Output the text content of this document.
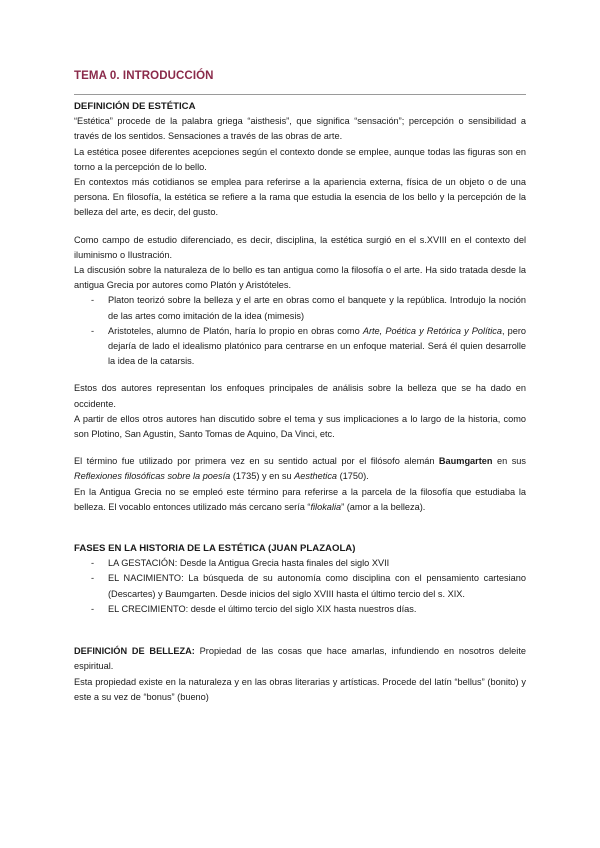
TEMA 0. INTRODUCCIÓN
DEFINICIÓN DE ESTÉTICA

“Estética” procede de la palabra griega “aisthesis”, que significa “sensación”; percepción o sensibilidad a través de los sentidos. Sensaciones a través de las obras de arte.

La estética posee diferentes acepciones según el contexto donde se emplee, aunque todas las figuras son en torno a la percepción de lo bello.

En contextos más cotidianos se emplea para referirse a la apariencia externa, física de un objeto o de una persona. En filosofía, la estética se refiere a la rama que estudia la esencia de los bello y la percepción de la belleza del arte, es decir, del gusto.

Como campo de estudio diferenciado, es decir, disciplina, la estética surgió en el s.XVIII en el contexto del iluminismo o Ilustración.

La discusión sobre la naturaleza de lo bello es tan antigua como la filosofía o el arte. Ha sido tratada desde la antigua Grecia por autores como Platón y Aristóteles.

- Platon teorizó sobre la belleza y el arte en obras como el banquete y la república. Introdujo la noción de las artes como imitación de la idea (mimesis)
- Aristoteles, alumno de Platón, haría lo propio en obras como Arte, Poética y Retórica y Política, pero dejaría de lado el idealismo platónico para centrarse en un enfoque material. Será él quien desarrolle la idea de la catarsis.

Estos dos autores representan los enfoques principales de análisis sobre la belleza que se ha dado en occidente.

A partir de ellos otros autores han discutido sobre el tema y sus implicaciones a lo largo de la historia, como son Plotino, San Agustin, Santo Tomas de Aquino, Da Vinci, etc.

El término fue utilizado por primera vez en su sentido actual por el filósofo alemán Baumgarten en sus Reflexiones filosóficas sobre la poesía (1735) y en su Aesthetica (1750).

En la Antigua Grecia no se empleó este término para referirse a la parcela de la filosofía que estudiaba la belleza. El vocablo entonces utilizado más cercano sería “filokalia” (amor a la belleza).

FASES EN LA HISTORIA DE LA ESTÉTICA (JUAN PLAZAOLA)
- LA GESTACIÓN: Desde la Antigua Grecia hasta finales del siglo XVII
- EL NACIMIENTO: La búsqueda de su autonomía como disciplina con el pensamiento cartesiano (Descartes) y Baumgarten. Desde inicios del siglo XVIII hasta el último tercio del s. XIX.
- EL CRECIMIENTO: desde el último tercio del siglo XIX hasta nuestros días.

DEFINICIÓN DE BELLEZA: Propiedad de las cosas que hace amarlas, infundiendo en nosotros deleite espiritual.

Esta propiedad existe en la naturaleza y en las obras literarias y artísticas. Procede del latín “bellus” (bonito) y este a su vez de “bonus” (bueno)
